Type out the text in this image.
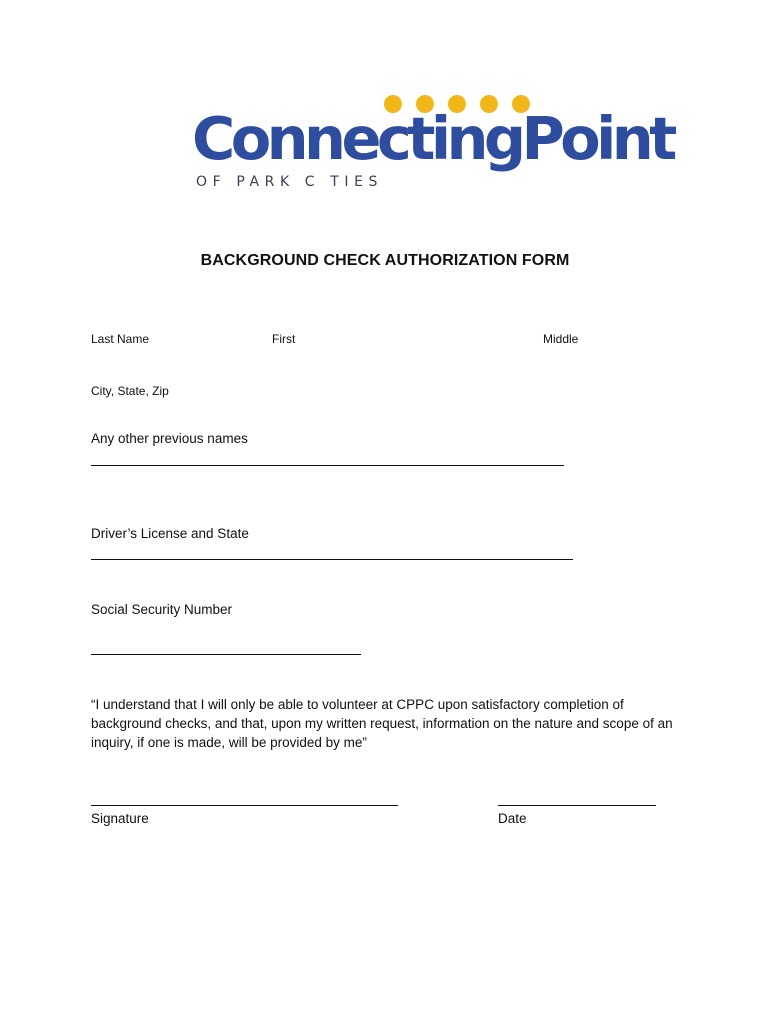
ConnectingPoint
OF PARK C TIES
BACKGROUND CHECK AUTHORIZATION FORM
Last Name	First	Middle
City, State, Zip
Any other previous names
Driver’s License and State
Social Security Number

“I understand that I will only be able to volunteer at CPPC upon satisfactory completion of background checks, and that, upon my written request, information on the nature and scope of an inquiry, if one is made, will be provided by me”

Signature	Date
